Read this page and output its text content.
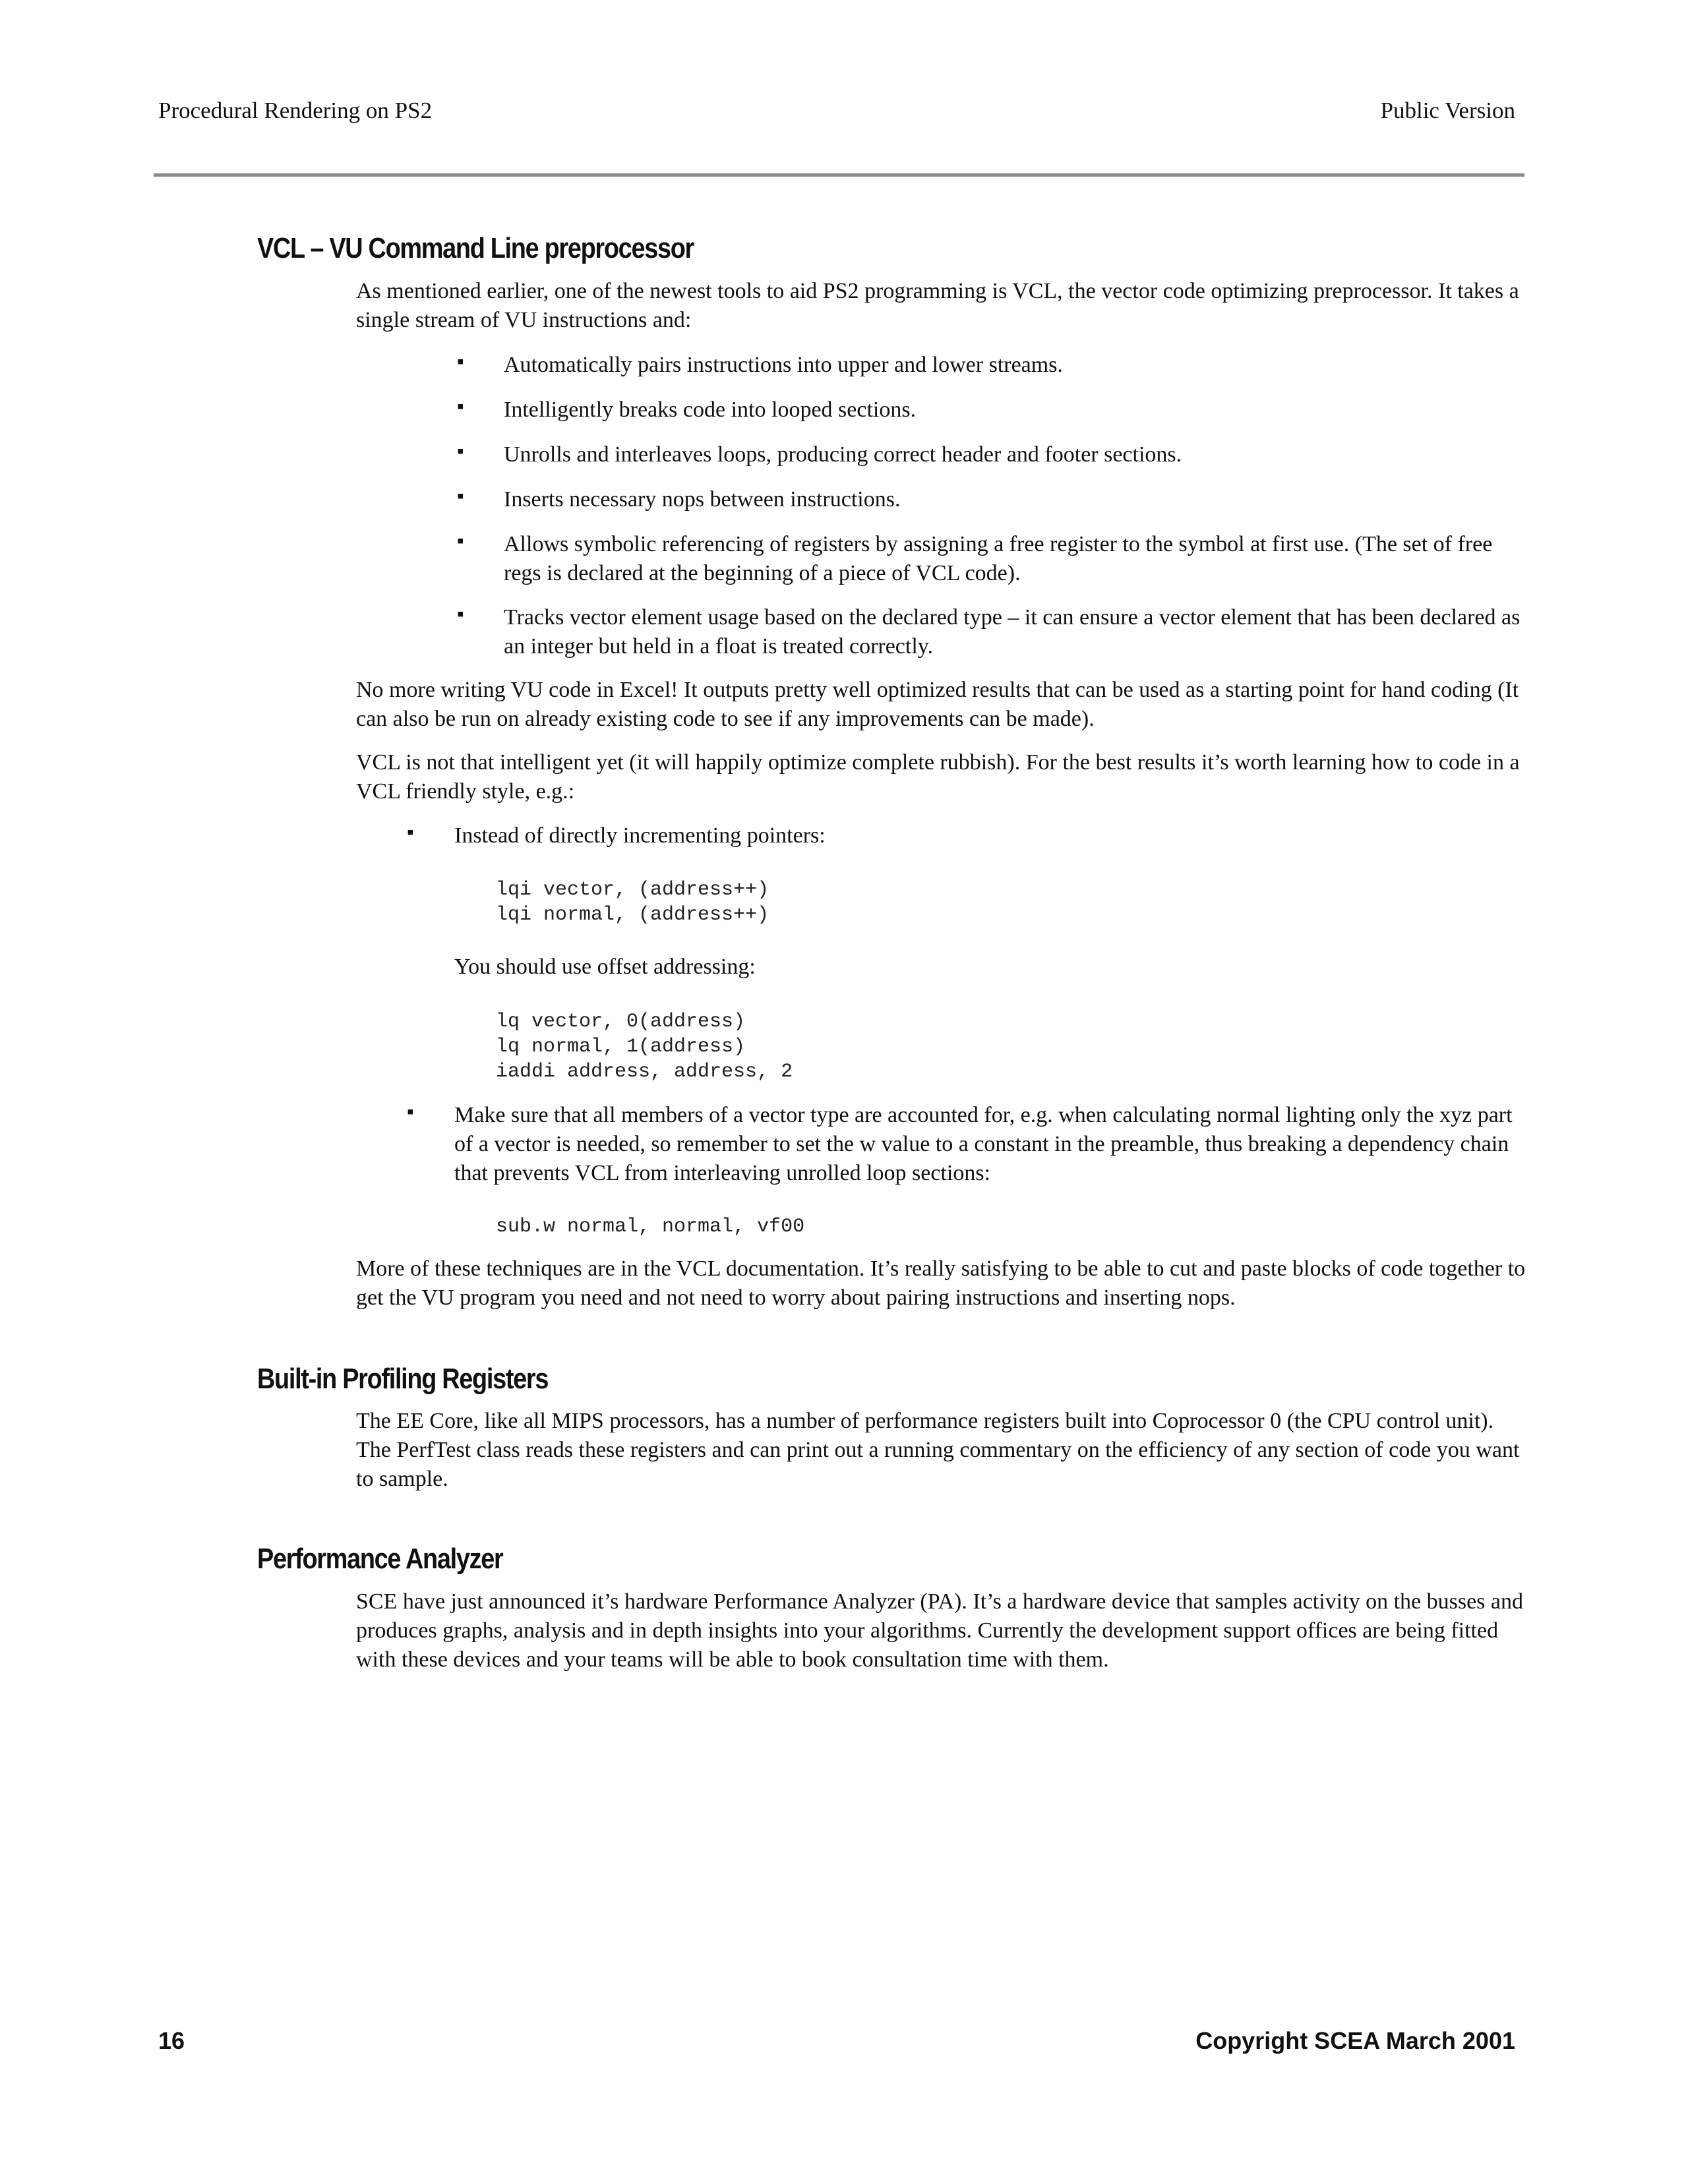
Procedural Rendering on PS2	Public Version
VCL – VU Command Line preprocessor
As mentioned earlier, one of the newest tools to aid PS2 programming is VCL, the vector code optimizing preprocessor. It takes a single stream of VU instructions and:
▪ Automatically pairs instructions into upper and lower streams.
▪ Intelligently breaks code into looped sections.
▪ Unrolls and interleaves loops, producing correct header and footer sections.
▪ Inserts necessary nops between instructions.
▪ Allows symbolic referencing of registers by assigning a free register to the symbol at first use. (The set of free regs is declared at the beginning of a piece of VCL code).
▪ Tracks vector element usage based on the declared type – it can ensure a vector element that has been declared as an integer but held in a float is treated correctly.
No more writing VU code in Excel! It outputs pretty well optimized results that can be used as a starting point for hand coding (It can also be run on already existing code to see if any improvements can be made).
VCL is not that intelligent yet (it will happily optimize complete rubbish). For the best results it’s worth learning how to code in a VCL friendly style, e.g.:
▪ Instead of directly incrementing pointers:
lqi vector, (address++)
lqi normal, (address++)
You should use offset addressing:
lq vector, 0(address)
lq normal, 1(address)
iaddi address, address, 2
▪ Make sure that all members of a vector type are accounted for, e.g. when calculating normal lighting only the xyz part of a vector is needed, so remember to set the w value to a constant in the preamble, thus breaking a dependency chain that prevents VCL from interleaving unrolled loop sections:
sub.w normal, normal, vf00
More of these techniques are in the VCL documentation. It’s really satisfying to be able to cut and paste blocks of code together to get the VU program you need and not need to worry about pairing instructions and inserting nops.
Built-in Profiling Registers
The EE Core, like all MIPS processors, has a number of performance registers built into Coprocessor 0 (the CPU control unit). The PerfTest class reads these registers and can print out a running commentary on the efficiency of any section of code you want to sample.
Performance Analyzer
SCE have just announced it’s hardware Performance Analyzer (PA). It’s a hardware device that samples activity on the busses and produces graphs, analysis and in depth insights into your algorithms. Currently the development support offices are being fitted with these devices and your teams will be able to book consultation time with them.
16	Copyright SCEA March 2001
